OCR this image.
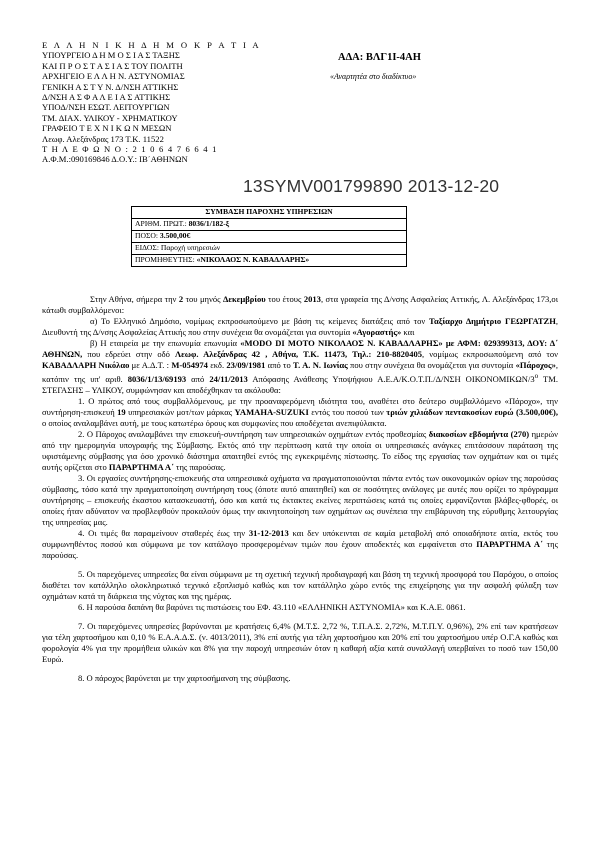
Ε Λ Λ Η Ν Ι Κ Η Δ Η Μ Ο Κ Ρ Α Τ Ι Α
ΥΠΟΥΡΓΕΙΟ Δ Η Μ Ο Σ Ι Α Σ ΤΑΞΗΣ
ΚΑΙ Π Ρ Ο Σ Τ Α Σ Ι Α Σ ΤΟΥ ΠΟΛΙΤΗ
ΑΡΧΗΓΕΙΟ Ε Λ Λ Η Ν. ΑΣΤΥΝΟΜΙΑΣ
ΓΕΝΙΚΗ Α Σ Τ Υ Ν. Δ/ΝΣΗ ΑΤΤΙΚΗΣ
Δ/ΝΣΗ Α Σ Φ Α Λ Ε Ι Α Σ ΑΤΤΙΚΗΣ
ΥΠΟΔ/ΝΣΗ ΕΣΩΤ. ΛΕΙΤΟΥΡΓΙΩΝ
ΤΜ. ΔΙΑΧ. ΥΛΙΚΟΥ - ΧΡΗΜΑΤΙΚΟΥ
ΓΡΑΦΕΙΟ Τ Ε Χ Ν Ι Κ Ω Ν ΜΕΣΩΝ
Λεωφ. Αλεξάνδρας 173 Τ.Κ. 11522
Τ Η Λ Ε Φ Ω Ν Ο : 2 1 0 6 4 7 6 6 4 1
Α.Φ.Μ.:090169846 Δ.Ο.Υ.: ΙΒ΄ΑΘΗΝΩΝ
ΑΔΑ: ΒΛΓ1Ι-4ΑΗ
«Αναρτητέα στο διαδίκτυο»
13SYMV001799890 2013-12-20
ΣΥΜΒΑΣΗ ΠΑΡΟΧΗΣ ΥΠΗΡΕΣΙΩΝ
ΑΡΙΘΜ. ΠΡΩΤ.: 8036/1/182-ξ
ΠΟΣΟ: 3.500,00€
ΕΙΔΟΣ: Παροχή υπηρεσιών
ΠΡΟΜΗΘΕΥΤΗΣ: «ΝΙΚΟΛΑΟΣ Ν. ΚΑΒΑΔΛΑΡΗΣ»

Στην Αθήνα, σήμερα την 2 του μηνός Δεκεμβρίου του έτους 2013, στα γραφεία της Δ/νσης Ασφαλείας Αττικής, Λ. Αλεξάνδρας 173,οι κάτωθι συμβαλλόμενοι:

α) Το Ελληνικό Δημόσιο, νομίμως εκπροσωπούμενο με βάση τις κείμενες διατάξεις από τον Ταξίαρχο Δημήτριο ΓΕΩΡΓΑΤΖΗ, Διευθυντή της Δ/νσης Ασφαλείας Αττικής που στην συνέχεια θα ονομάζεται για συντομία «Αγοραστής» και

β) Η εταιρεία με την επωνυμία επωνυμία «MODO DI MOTO ΝΙΚΟΛΑΟΣ Ν. ΚΑΒΑΔΛΑΡΗΣ» με ΑΦΜ: 029399313, ΔΟΥ: Δ΄ ΑΘΗΝΩΝ, που εδρεύει στην οδό Λεωφ. Αλεξάνδρας 42 , Αθήνα, Τ.Κ. 11473, Τηλ.: 210-8820405, νομίμως εκπροσωπούμενη από τον ΚΑΒΑΔΛΑΡΗ Νικόλαο με Α.Δ.Τ. : Μ-054974 εκδ. 23/09/1981 από το Τ. Α. Ν. Ιωνίας που στην συνέχεια θα ονομάζεται για συντομία «Πάροχος», κατόπιν της υπ' αριθ. 8036/1/13/69193 από 24/11/2013 Απόφασης Ανάθεσης Υποψήφιου Α.Ε.Α/Κ.Ο.Τ.Π./Δ/ΝΣΗ ΟΙΚΟΝΟΜΙΚΩΝ/$3^o$ ΤΜ. ΣΤΕΓΑΣΗΣ – ΥΛΙΚΟΥ, συμφώνησαν και αποδέχθηκαν τα ακόλουθα:

1. Ο πρώτος από τους συμβαλλόμενους, με την προαναφερόμενη ιδιότητα του, αναθέτει στο δεύτερο συμβαλλόμενο «Πάροχο», την συντήρηση-επισκευή 19 υπηρεσιακών μοτ/των μάρκας YAMAHA-SUZUKI εντός του ποσού των τριών χιλιάδων πεντακοσίων ευρώ (3.500,00€), ο οποίος αναλαμβάνει αυτή, με τους κατωτέρω όρους και συμφωνίες που αποδέχεται ανεπιφύλακτα.

2. Ο Πάροχος αναλαμβάνει την επισκευή-συντήρηση των υπηρεσιακών οχημάτων εντός προθεσμίας διακοσίων εβδομήντα (270) ημερών από την ημερομηνία υπογραφής της Σύμβασης. Εκτός από την περίπτωση κατά την οποία οι υπηρεσιακές ανάγκες επιτάσσουν παράταση της υφιστάμενης σύμβασης για όσο χρονικό διάστημα απαιτηθεί εντός της εγκεκριμένης πίστωσης. Το είδος της εργασίας των οχημάτων και οι τιμές αυτής ορίζεται στο ΠΑΡΑΡΤΗΜΑ Α΄ της παρούσας.

3. Οι εργασίες συντήρησης-επισκευής στα υπηρεσιακά οχήματα να πραγματοποιούνται πάντα εντός των οικονομικών ορίων της παρούσας σύμβασης, τόσο κατά την πραγματοποίηση συντήρηση τους (όποτε αυτό απαιτηθεί) και σε ποσότητες ανάλογες με αυτές που ορίζει το πρόγραμμα συντήρησης – επισκευής έκαστου κατασκευαστή, όσο και κατά τις έκτακτες εκείνες περιπτώσεις κατά τις οποίες εμφανίζονται βλάβες-φθορές, οι οποίες ήταν αδύνατον να προβλεφθούν προκαλούν όμως την ακινητοποίηση των οχημάτων ως συνέπεια την επιβάρυνση της εύρυθμης λειτουργίας της υπηρεσίας μας.

4. Οι τιμές θα παραμείνουν σταθερές έως την 31-12-2013 και δεν υπόκεινται σε καμία μεταβολή από οποιαδήποτε αιτία, εκτός του συμφωνηθέντος ποσού και σύμφωνα με τον κατάλογο προσφερομένων τιμών που έχουν αποδεκτές και εμφαίνεται στο ΠΑΡΑΡΤΗΜΑ Α΄ της παρούσας.

5. Οι παρεχόμενες υπηρεσίες θα είναι σύμφωνα με τη σχετική τεχνική προδιαγραφή και βάση τη τεχνική προσφορά του Παρόχου, ο οποίος διαθέτει τον κατάλληλο ολοκληρωτικό τεχνικό εξοπλισμό καθώς και τον κατάλληλο χώρο εντός της επιχείρησης για την ασφαλή φύλαξη των οχημάτων κατά τη διάρκεια της νύχτας και της ημέρας.

6. Η παρούσα δαπάνη θα βαρύνει τις πιστώσεις του ΕΦ. 43.110 «ΕΛΛΗΝΙΚΗ ΑΣΤΥΝΟΜΙΑ» και Κ.Α.Ε. 0861.

7. Οι παρεχόμενες υπηρεσίες βαρύνονται με κρατήσεις 6,4% (Μ.Τ.Σ. 2,72 %, Τ.Π.Α.Σ. 2,72%, Μ.Τ.Π.Υ. 0,96%), 2% επί των κρατήσεων για τέλη χαρτοσήμου και 0,10 % Ε.Α.Α.Δ.Σ. (ν. 4013/2011), 3% επί αυτής για τέλη χαρτοσήμου και 20% επί του χαρτοσήμου υπέρ Ο.Γ.Α καθώς και φορολογία 4% για την προμήθεια υλικών και 8% για την παροχή υπηρεσιών όταν η καθαρή αξία κατά συναλλαγή υπερβαίνει το ποσό των 150,00 Ευρώ.

8. Ο πάροχος βαρύνεται με την χαρτοσήμανση της σύμβασης.
